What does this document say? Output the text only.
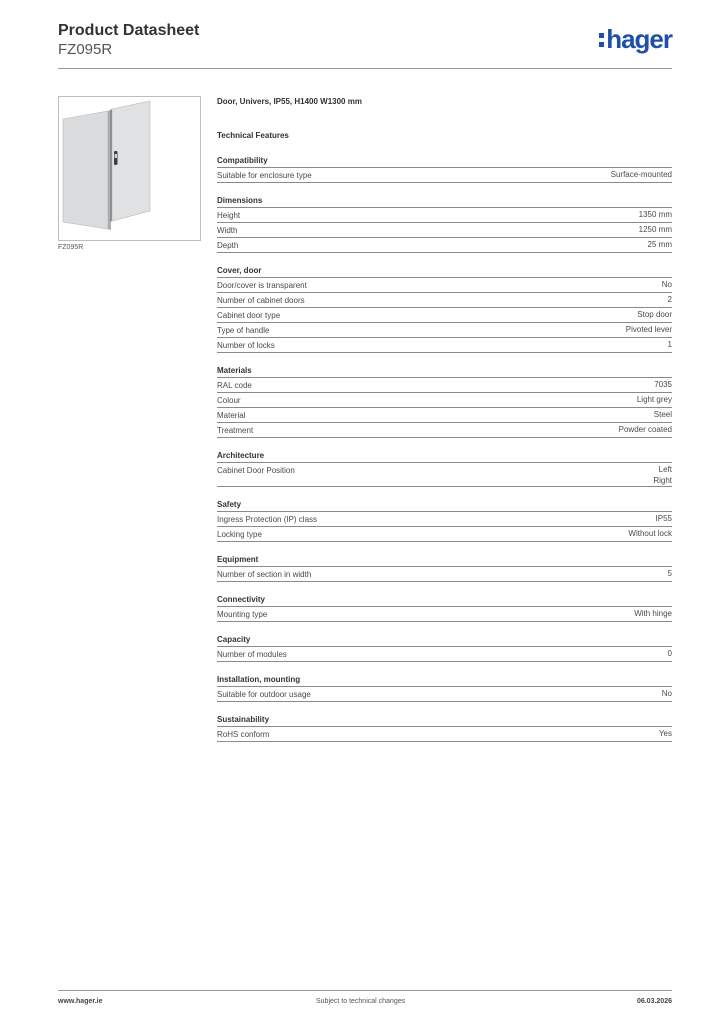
Product Datasheet
FZ095R	hager
FZ095R
Door, Univers, IP55, H1400 W1300 mm
Technical Features
Compatibility
Suitable for enclosure type	Surface-mounted
Dimensions
Height	1350 mm
Width	1250 mm
Depth	25 mm
Cover, door
Door/cover is transparent	No
Number of cabinet doors	2
Cabinet door type	Stop door
Type of handle	Pivoted lever
Number of locks	1
Materials
RAL code	7035
Colour	Light grey
Material	Steel
Treatment	Powder coated
Architecture
Cabinet Door Position	Left
Right
Safety
Ingress Protection (IP) class	IP55
Locking type	Without lock
Equipment
Number of section in width	5
Connectivity
Mounting type	With hinge
Capacity
Number of modules	0
Installation, mounting
Suitable for outdoor usage	No
Sustainability
RoHS conform	Yes
www.hager.ie	Subject to technical changes	06.03.2026
